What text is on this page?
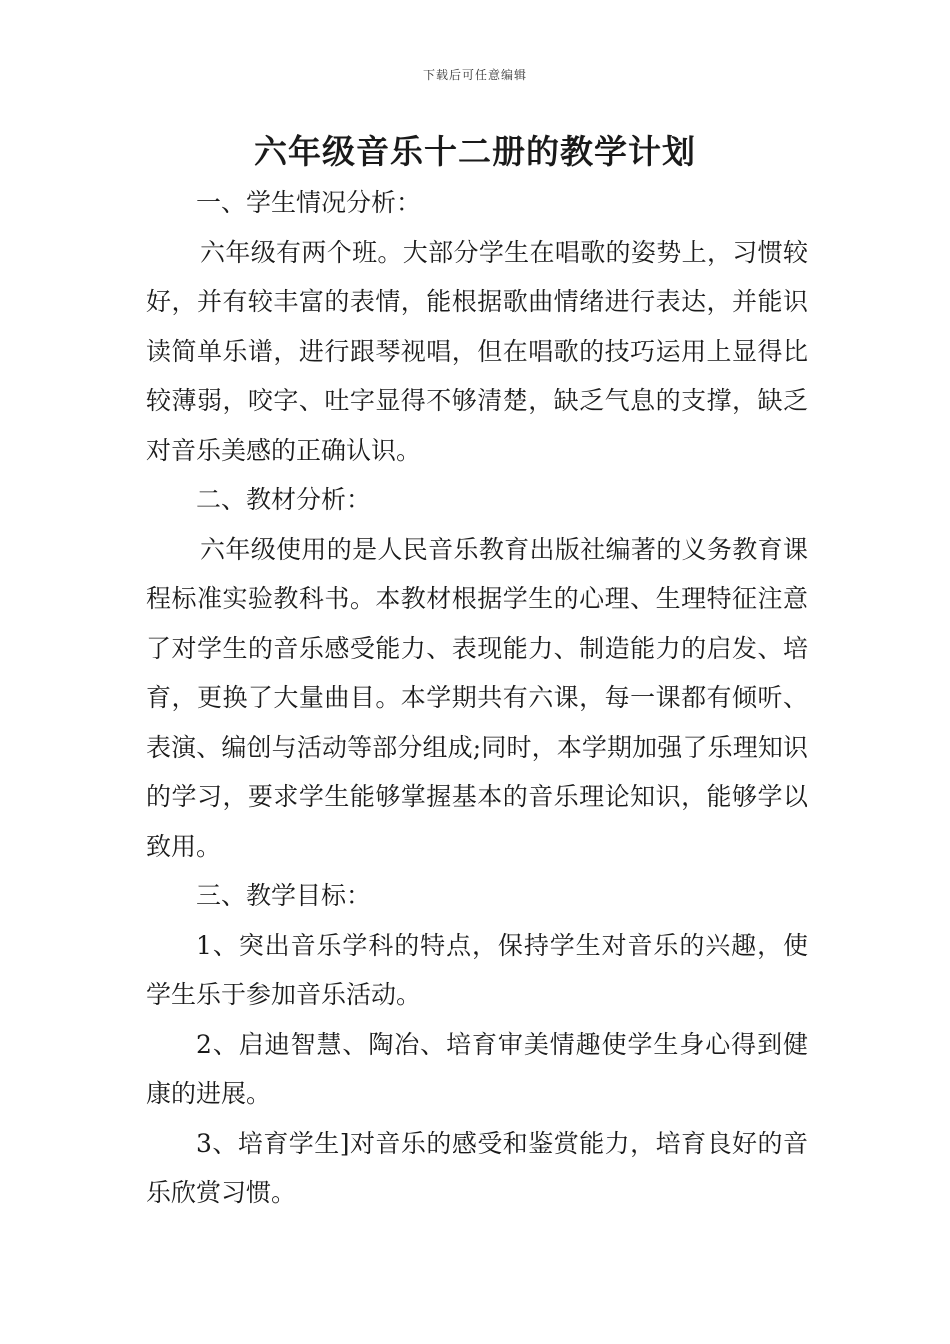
下载后可任意编辑
六年级音乐十二册的教学计划

一、学生情况分析：

六年级有两个班。大部分学生在唱歌的姿势上，习惯较好，并有较丰富的表情，能根据歌曲情绪进行表达，并能识读简单乐谱，进行跟琴视唱，但在唱歌的技巧运用上显得比较薄弱，咬字、吐字显得不够清楚，缺乏气息的支撑，缺乏对音乐美感的正确认识。

二、教材分析：

六年级使用的是人民音乐教育出版社编著的义务教育课程标准实验教科书。本教材根据学生的心理、生理特征注意了对学生的音乐感受能力、表现能力、制造能力的启发、培育，更换了大量曲目。本学期共有六课，每一课都有倾听、表演、编创与活动等部分组成;同时，本学期加强了乐理知识的学习，要求学生能够掌握基本的音乐理论知识，能够学以致用。

三、教学目标：

1、突出音乐学科的特点，保持学生对音乐的兴趣，使学生乐于参加音乐活动。

2、启迪智慧、陶冶、培育审美情趣使学生身心得到健康的进展。

3、培育学生]对音乐的感受和鉴赏能力，培育良好的音乐欣赏习惯。
